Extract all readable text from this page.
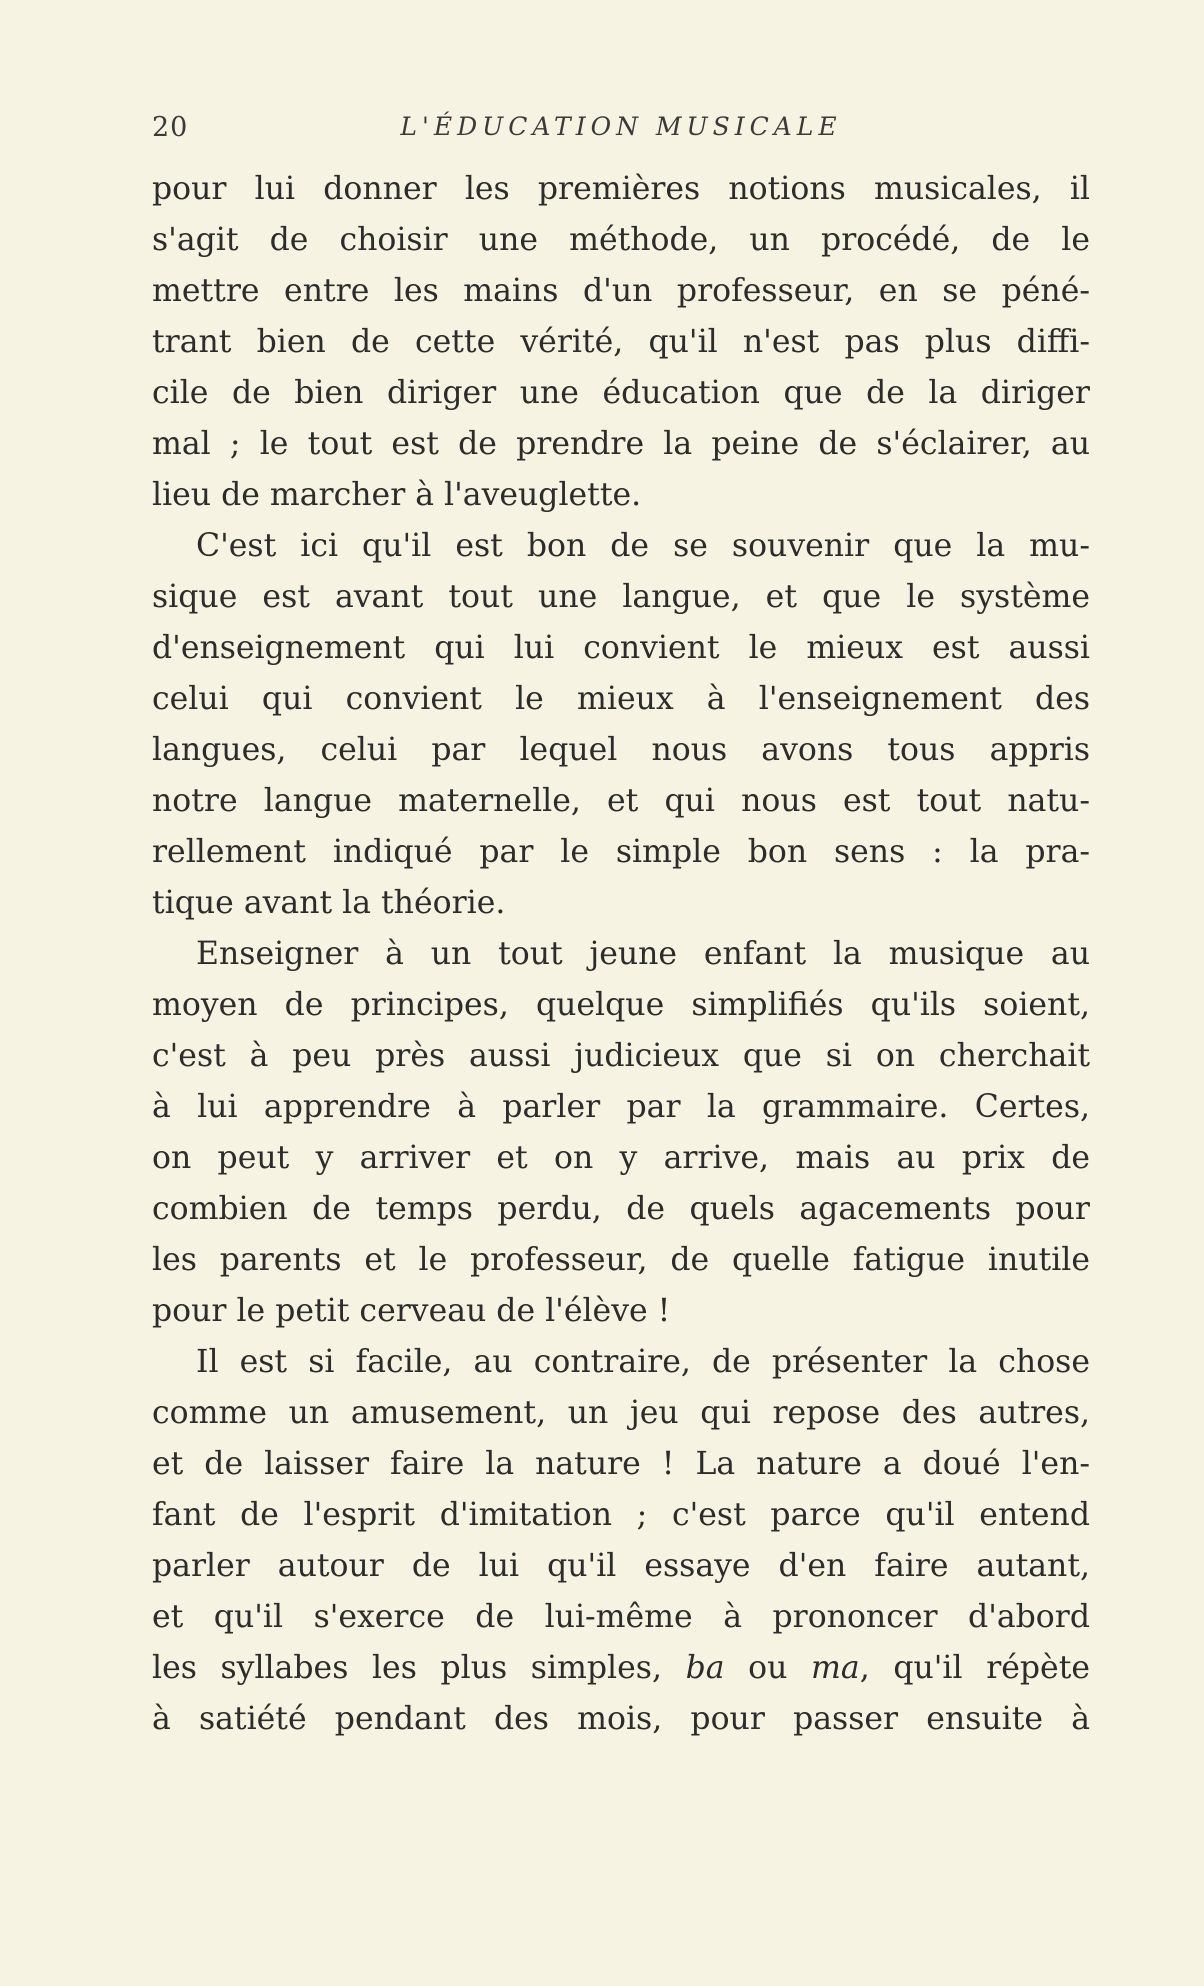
20	L'ÉDUCATION MUSICALE
pour lui donner les premières notions musicales, il
s'agit de choisir une méthode, un procédé, de le
mettre entre les mains d'un professeur, en se péné-
trant bien de cette vérité, qu'il n'est pas plus diffi-
cile de bien diriger une éducation que de la diriger
mal ; le tout est de prendre la peine de s'éclairer, au
lieu de marcher à l'aveuglette.
C'est ici qu'il est bon de se souvenir que la mu-
sique est avant tout une langue, et que le système
d'enseignement qui lui convient le mieux est aussi
celui qui convient le mieux à l'enseignement des
langues, celui par lequel nous avons tous appris
notre langue maternelle, et qui nous est tout natu-
rellement indiqué par le simple bon sens : la pra-
tique avant la théorie.
Enseigner à un tout jeune enfant la musique au
moyen de principes, quelque simplifiés qu'ils soient,
c'est à peu près aussi judicieux que si on cherchait
à lui apprendre à parler par la grammaire. Certes,
on peut y arriver et on y arrive, mais au prix de
combien de temps perdu, de quels agacements pour
les parents et le professeur, de quelle fatigue inutile
pour le petit cerveau de l'élève !
Il est si facile, au contraire, de présenter la chose
comme un amusement, un jeu qui repose des autres,
et de laisser faire la nature ! La nature a doué l'en-
fant de l'esprit d'imitation ; c'est parce qu'il entend
parler autour de lui qu'il essaye d'en faire autant,
et qu'il s'exerce de lui-même à prononcer d'abord
les syllabes les plus simples, ba ou ma, qu'il répète
à satiété pendant des mois, pour passer ensuite à
